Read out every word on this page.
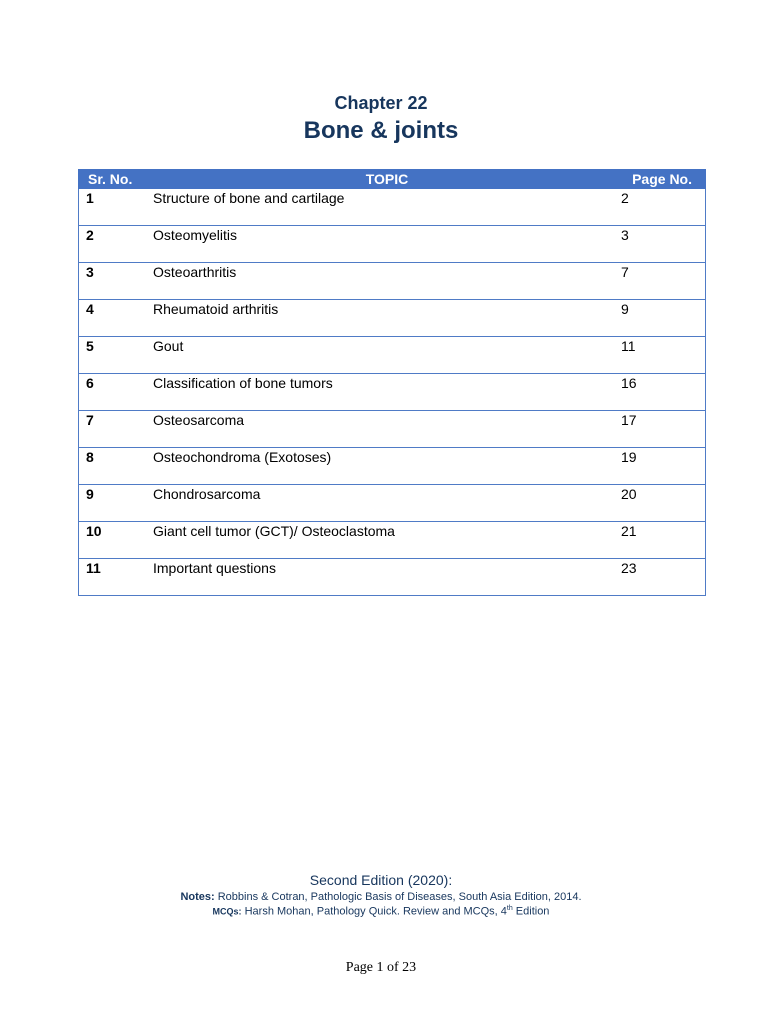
Chapter 22
Bone & joints
Sr. No.	TOPIC	Page No.
1	Structure of bone and cartilage	2
2	Osteomyelitis	3
3	Osteoarthritis	7
4	Rheumatoid arthritis	9
5	Gout	11
6	Classification of bone tumors	16
7	Osteosarcoma	17
8	Osteochondroma (Exotoses)	19
9	Chondrosarcoma	20
10	Giant cell tumor (GCT)/ Osteoclastoma	21
11	Important questions	23
Second Edition (2020):
Notes: Robbins & Cotran, Pathologic Basis of Diseases, South Asia Edition, 2014.
MCQs: Harsh Mohan, Pathology Quick. Review and MCQs, 4th Edition
Page 1 of 23
